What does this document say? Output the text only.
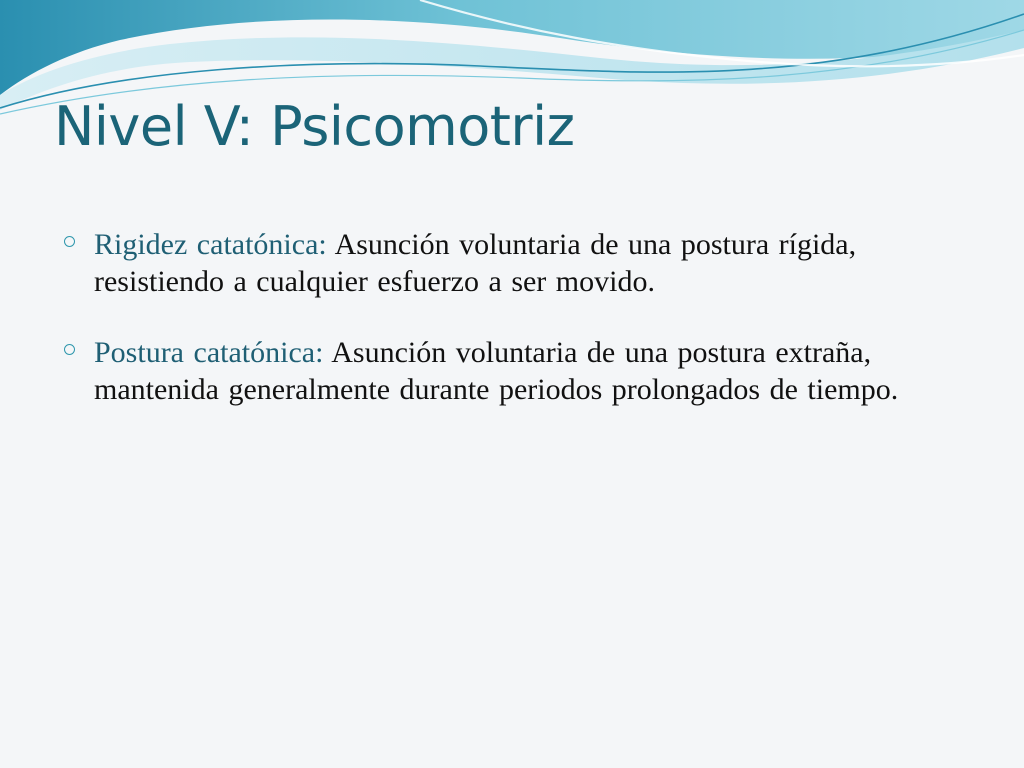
Nivel V: Psicomotriz
Rigidez catatónica: Asunción voluntaria de una postura rígida, resistiendo a cualquier esfuerzo a ser movido.
Postura catatónica: Asunción voluntaria de una postura extraña, mantenida generalmente durante periodos prolongados de tiempo.
